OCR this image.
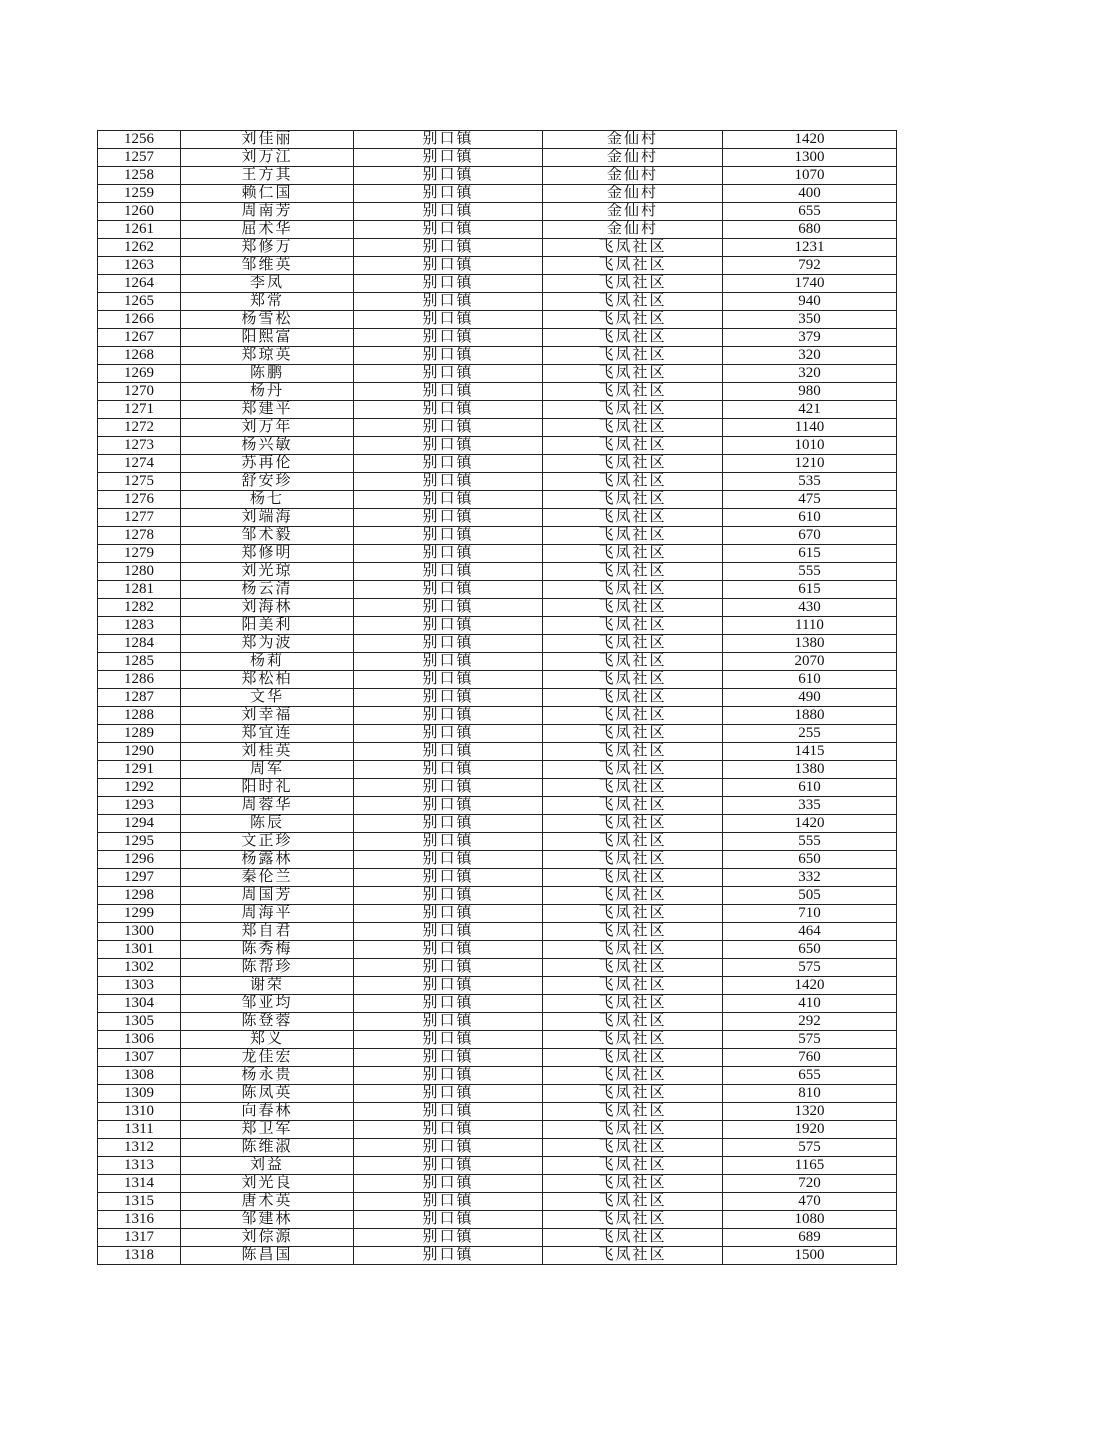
1256	刘佳丽	别口镇	金仙村	1420
1257	刘万江	别口镇	金仙村	1300
1258	王方其	别口镇	金仙村	1070
1259	赖仁国	别口镇	金仙村	400
1260	周南芳	别口镇	金仙村	655
1261	屈术华	别口镇	金仙村	680
1262	郑修万	别口镇	飞凤社区	1231
1263	邹维英	别口镇	飞凤社区	792
1264	李凤	别口镇	飞凤社区	1740
1265	郑常	别口镇	飞凤社区	940
1266	杨雪松	别口镇	飞凤社区	350
1267	阳熙富	别口镇	飞凤社区	379
1268	郑琼英	别口镇	飞凤社区	320
1269	陈鹏	别口镇	飞凤社区	320
1270	杨丹	别口镇	飞凤社区	980
1271	郑建平	别口镇	飞凤社区	421
1272	刘万年	别口镇	飞凤社区	1140
1273	杨兴敏	别口镇	飞凤社区	1010
1274	苏再伦	别口镇	飞凤社区	1210
1275	舒安珍	别口镇	飞凤社区	535
1276	杨七	别口镇	飞凤社区	475
1277	刘端海	别口镇	飞凤社区	610
1278	邹术毅	别口镇	飞凤社区	670
1279	郑修明	别口镇	飞凤社区	615
1280	刘光琼	别口镇	飞凤社区	555
1281	杨云清	别口镇	飞凤社区	615
1282	刘海林	别口镇	飞凤社区	430
1283	阳美利	别口镇	飞凤社区	1110
1284	郑为波	别口镇	飞凤社区	1380
1285	杨莉	别口镇	飞凤社区	2070
1286	郑松柏	别口镇	飞凤社区	610
1287	文华	别口镇	飞凤社区	490
1288	刘幸福	别口镇	飞凤社区	1880
1289	郑宜连	别口镇	飞凤社区	255
1290	刘桂英	别口镇	飞凤社区	1415
1291	周军	别口镇	飞凤社区	1380
1292	阳时礼	别口镇	飞凤社区	610
1293	周蓉华	别口镇	飞凤社区	335
1294	陈辰	别口镇	飞凤社区	1420
1295	文正珍	别口镇	飞凤社区	555
1296	杨露林	别口镇	飞凤社区	650
1297	秦伦兰	别口镇	飞凤社区	332
1298	周国芳	别口镇	飞凤社区	505
1299	周海平	别口镇	飞凤社区	710
1300	郑自君	别口镇	飞凤社区	464
1301	陈秀梅	别口镇	飞凤社区	650
1302	陈帮珍	别口镇	飞凤社区	575
1303	谢荣	别口镇	飞凤社区	1420
1304	邹亚均	别口镇	飞凤社区	410
1305	陈登蓉	别口镇	飞凤社区	292
1306	郑义	别口镇	飞凤社区	575
1307	龙佳宏	别口镇	飞凤社区	760
1308	杨永贵	别口镇	飞凤社区	655
1309	陈凤英	别口镇	飞凤社区	810
1310	向春林	别口镇	飞凤社区	1320
1311	郑卫军	别口镇	飞凤社区	1920
1312	陈维淑	别口镇	飞凤社区	575
1313	刘益	别口镇	飞凤社区	1165
1314	刘光良	别口镇	飞凤社区	720
1315	唐术英	别口镇	飞凤社区	470
1316	邹建林	别口镇	飞凤社区	1080
1317	刘倧源	别口镇	飞凤社区	689
1318	陈昌国	别口镇	飞凤社区	1500
